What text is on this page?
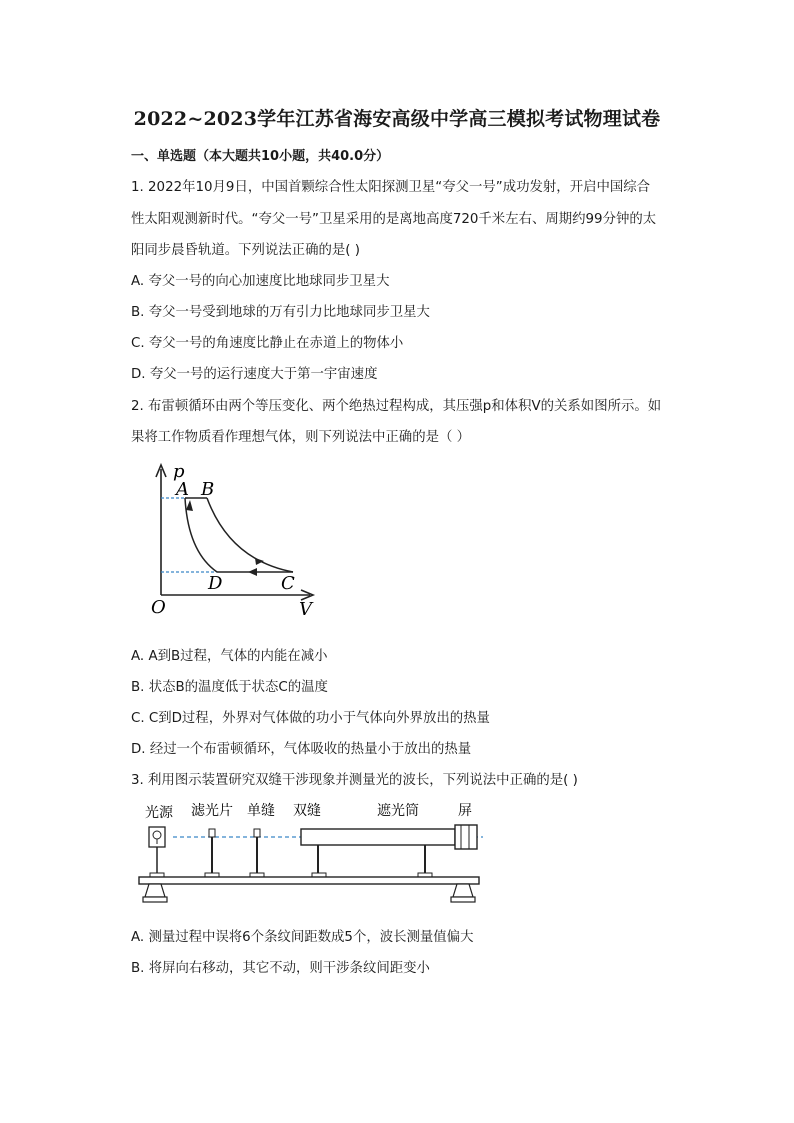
2022~2023学年江苏省海安高级中学高三模拟考试物理试卷
一、单选题（本大题共10小题，共40.0分）
1. 2022年10月9日，中国首颗综合性太阳探测卫星“夸父一号”成功发射，开启中国综合
性太阳观测新时代。“夸父一号”卫星采用的是离地高度720千米左右、周期约99分钟的太
阳同步晨昏轨道。下列说法正确的是( )
A. 夸父一号的向心加速度比地球同步卫星大
B. 夸父一号受到地球的万有引力比地球同步卫星大
C. 夸父一号的角速度比静止在赤道上的物体小
D. 夸父一号的运行速度大于第一宇宙速度
2. 布雷顿循环由两个等压变化、两个绝热过程构成，其压强p和体积V的关系如图所示。如
果将工作物质看作理想气体，则下列说法中正确的是（ ）
p
V
O
A B
C
D
A. A到B过程，气体的内能在减小
B. 状态B的温度低于状态C的温度
C. C到D过程，外界对气体做的功小于气体向外界放出的热量
D. 经过一个布雷顿循环，气体吸收的热量小于放出的热量
3. 利用图示装置研究双缝干涉现象并测量光的波长，下列说法中正确的是( )
光源 滤光片 单缝 双缝	遮光筒	屏
A. 测量过程中误将6个条纹间距数成5个，波长测量值偏大
B. 将屏向右移动，其它不动，则干涉条纹间距变小
